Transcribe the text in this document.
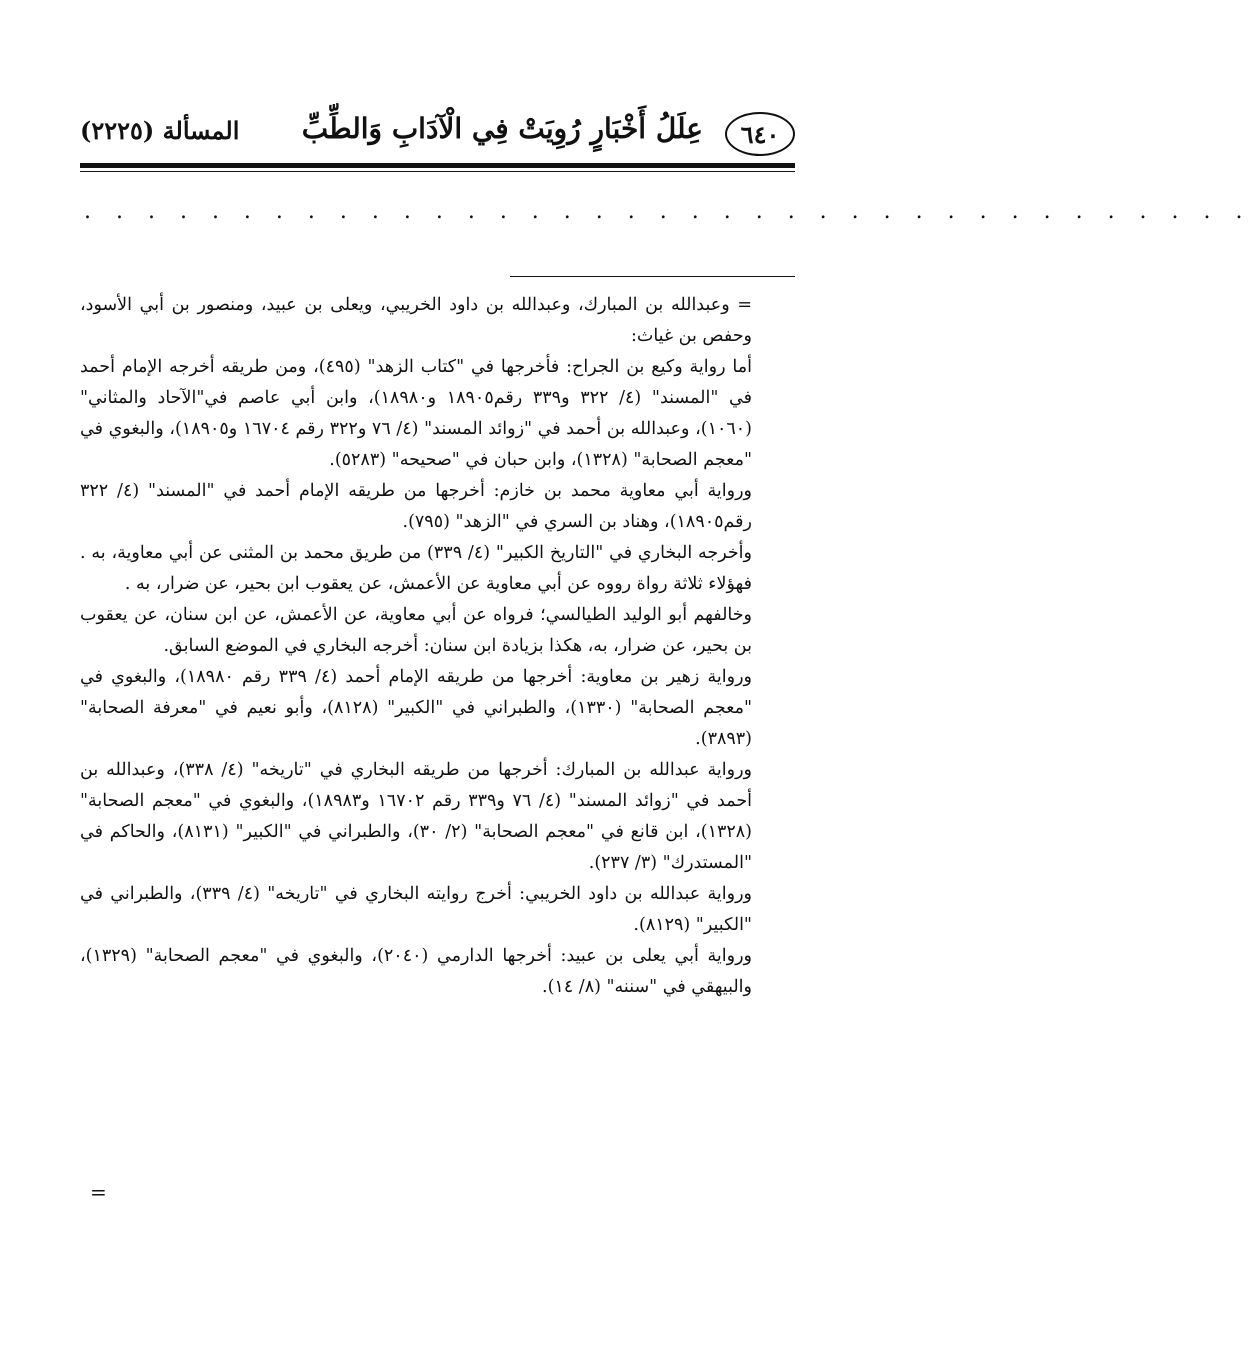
٦٤٠
عِلَلُ أَخْبَارٍ رُوِيَتْ فِي الْآدَابِ وَالطِّبِّ
المسألة (٢٢٢٥)
. . . . . . . . . . . . . . . . . . . . . . . . . . . . . . . . . . . . .

= وعبدالله بن المبارك، وعبدالله بن داود الخريبي، ويعلى بن عبيد، ومنصور بن أبي الأسود، وحفص بن غياث:

أما رواية وكيع بن الجراح: فأخرجها في "كتاب الزهد" (٤٩٥)، ومن طريقه أخرجه الإمام أحمد في "المسند" (٤/ ٣٢٢ و٣٣٩ رقم١٨٩٠٥ و١٨٩٨٠)، وابن أبي عاصم في"الآحاد والمثاني"(١٠٦٠)، وعبدالله بن أحمد في "زوائد المسند" (٤/ ٧٦ و٣٢٢ رقم ١٦٧٠٤ و١٨٩٠٥)، والبغوي في "معجم الصحابة" (١٣٢٨)، وابن حبان في "صحيحه" (٥٢٨٣).

ورواية أبي معاوية محمد بن خازم: أخرجها من طريقه الإمام أحمد في "المسند" (٤/ ٣٢٢ رقم١٨٩٠٥)، وهناد بن السري في "الزهد" (٧٩٥).

وأخرجه البخاري في "التاريخ الكبير" (٤/ ٣٣٩) من طريق محمد بن المثنى عن أبي معاوية، به . فهؤلاء ثلاثة رواة رووه عن أبي معاوية عن الأعمش، عن يعقوب ابن بحير، عن ضرار، به .

وخالفهم أبو الوليد الطيالسي؛ فرواه عن أبي معاوية، عن الأعمش، عن ابن سنان، عن يعقوب بن بحير، عن ضرار، به، هكذا بزيادة ابن سنان: أخرجه البخاري في الموضع السابق.

ورواية زهير بن معاوية: أخرجها من طريقه الإمام أحمد (٤/ ٣٣٩ رقم ١٨٩٨٠)، والبغوي في "معجم الصحابة" (١٣٣٠)، والطبراني في "الكبير" (٨١٢٨)، وأبو نعيم في "معرفة الصحابة" (٣٨٩٣).

ورواية عبدالله بن المبارك: أخرجها من طريقه البخاري في "تاريخه" (٤/ ٣٣٨)، وعبدالله بن أحمد في "زوائد المسند" (٤/ ٧٦ و٣٣٩ رقم ١٦٧٠٢ و١٨٩٨٣)، والبغوي في "معجم الصحابة" (١٣٢٨)، ابن قانع في "معجم الصحابة" (٢/ ٣٠)، والطبراني في "الكبير" (٨١٣١)، والحاكم في "المستدرك" (٣/ ٢٣٧).

ورواية عبدالله بن داود الخريبي: أخرج روايته البخاري في "تاريخه" (٤/ ٣٣٩)، والطبراني في "الكبير" (٨١٢٩).

ورواية أبي يعلى بن عبيد: أخرجها الدارمي (٢٠٤٠)، والبغوي في "معجم الصحابة" (١٣٢٩)، والبيهقي في "سننه" (٨/ ١٤).

=
